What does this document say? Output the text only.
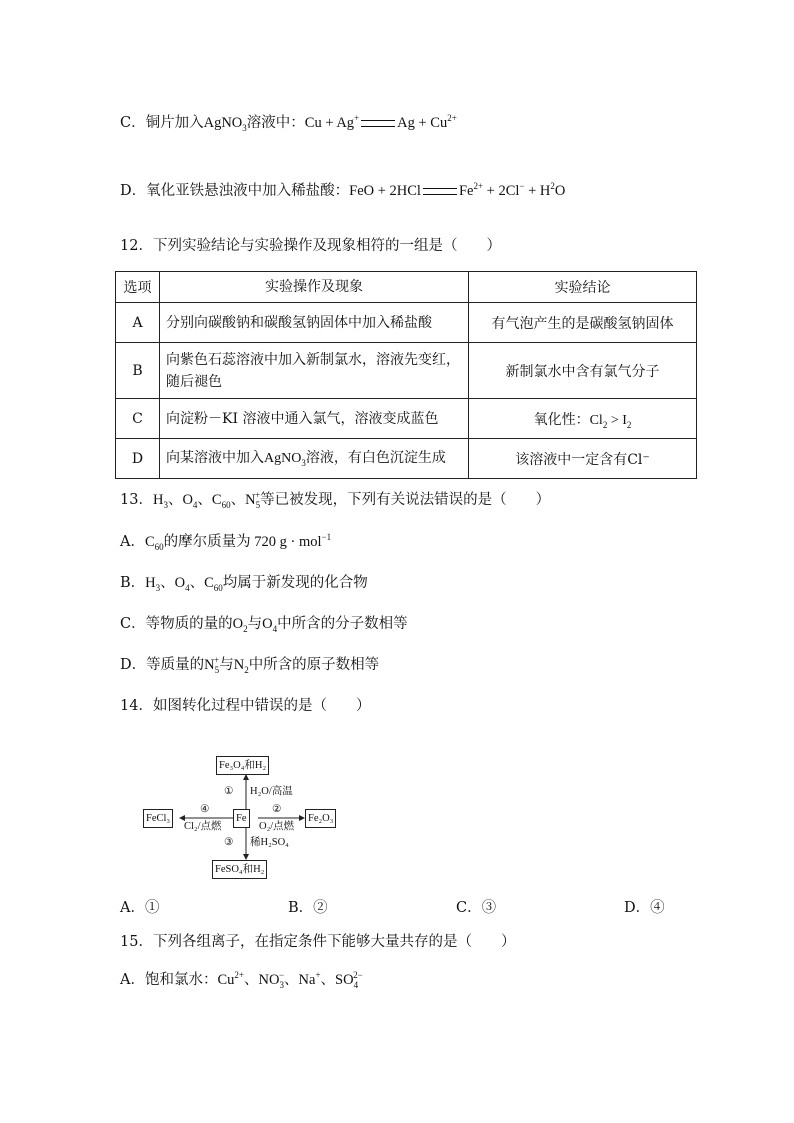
C．铜片加入AgNO$_3$溶液中：Cu + Ag+	$Ag + Cu^{2+}$
D．氧化亚铁悬浊液中加入稀盐酸：FeO + 2HCl	$Fe^{2+} + 2Cl^- + H^2O$
12．下列实验结论与实验操作及现象相符的一组是（　　）
选项	实验操作及现象	实验结论
A	分别向碳酸钠和碳酸氢钠固体中加入稀盐酸	有气泡产生的是碳酸氢钠固体
B	向紫色石蕊溶液中加入新制氯水，溶液先变红，随后褪色	新制氯水中含有氯气分子
C	向淀粉－KI 溶液中通入氯气，溶液变成蓝色	氧化性：$Cl_2 > I_2$
D	向某溶液中加入AgNO$_3$溶液，有白色沉淀生成	该溶液中一定含有Cl⁻
13．$H_3$、$O_4$、$C_{60}$、$N_5^+$等已被发现，下列有关说法错误的是（　　）
A．$C_{60}$的摩尔质量为 720 g · mol$^{-1}$
B．$H_3$、$O_4$、$C_{60}$均属于新发现的化合物
C．等物质的量的$O_2$与$O_4$中所含的分子数相等
D．等质量的$N_5^+$与$N_2$中所含的原子数相等
14．如图转化过程中错误的是（　　）
Fe₃O₄和H₂
Fe	Fe₂O₃
FeCl₃
FeSO₄和H₂
① H₂O/高温
②
O₂/点燃
④
Cl₂/点燃
③ 稀H₂SO₄
A．①	B．②	C．③	D．④
15．下列各组离子，在指定条件下能够大量共存的是（　　）
A．饱和氯水：$Cu^{2+}$、$NO_3^-$、Na+、$SO_4^{2-}$
